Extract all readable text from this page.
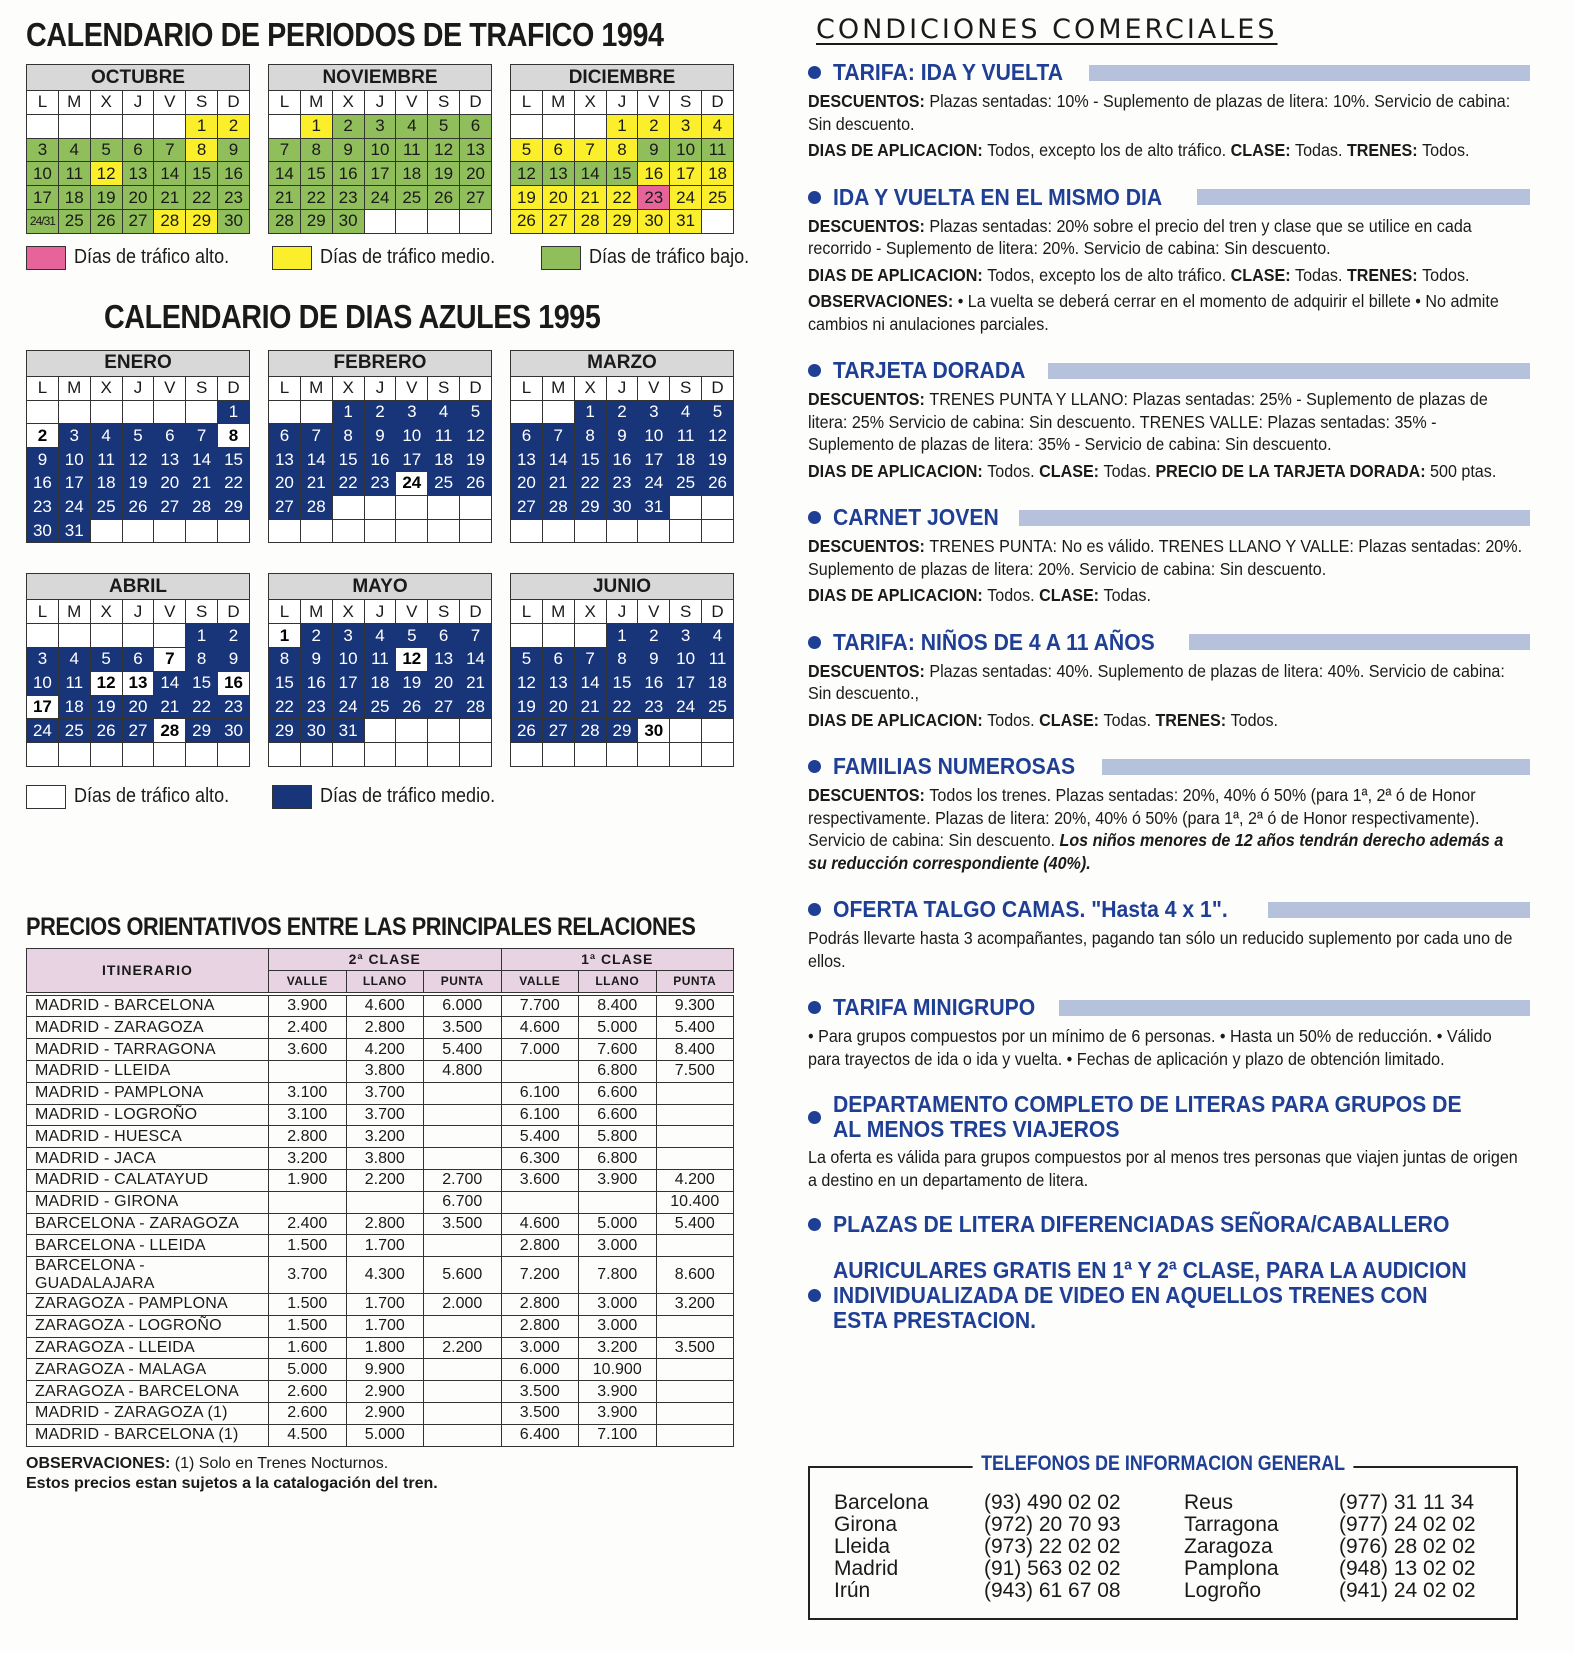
CALENDARIO DE PERIODOS DE TRAFICO 1994
OCTUBRE						
L	M	X	J	V	S	D
					1	2
3	4	5	6	7	8	9
10	11	12	13	14	15	16
17	18	19	20	21	22	23
24/31	25	26	27	28	29	30
NOVIEMBRE						
L	M	X	J	V	S	D
	1	2	3	4	5	6
7	8	9	10	11	12	13
14	15	16	17	18	19	20
21	22	23	24	25	26	27
28	29	30				
DICIEMBRE						
L	M	X	J	V	S	D
			1	2	3	4
5	6	7	8	9	10	11
12	13	14	15	16	17	18
19	20	21	22	23	24	25
26	27	28	29	30	31	
Días de tráfico alto.	Días de tráfico medio.	Días de tráfico bajo.
CALENDARIO DE DIAS AZULES 1995
ENERO						
L	M	X	J	V	S	D
						1
2	3	4	5	6	7	8
9	10	11	12	13	14	15
16	17	18	19	20	21	22
23	24	25	26	27	28	29
30	31					
FEBRERO						
L	M	X	J	V	S	D
		1	2	3	4	5
6	7	8	9	10	11	12
13	14	15	16	17	18	19
20	21	22	23	24	25	26
27	28					

MARZO						
L	M	X	J	V	S	D
		1	2	3	4	5
6	7	8	9	10	11	12
13	14	15	16	17	18	19
20	21	22	23	24	25	26
27	28	29	30	31		

ABRIL						
L	M	X	J	V	S	D
					1	2
3	4	5	6	7	8	9
10	11	12	13	14	15	16
17	18	19	20	21	22	23
24	25	26	27	28	29	30

MAYO						
L	M	X	J	V	S	D
1	2	3	4	5	6	7
8	9	10	11	12	13	14
15	16	17	18	19	20	21
22	23	24	25	26	27	28
29	30	31				

JUNIO						
L	M	X	J	V	S	D
			1	2	3	4
5	6	7	8	9	10	11
12	13	14	15	16	17	18
19	20	21	22	23	24	25
26	27	28	29	30		

Días de tráfico alto.	Días de tráfico medio.
PRECIOS ORIENTATIVOS ENTRE LAS PRINCIPALES RELACIONES
ITINERARIO	2ª CLASE			1ª CLASE		
	VALLE	LLANO	PUNTA	VALLE	LLANO	PUNTA

MADRID - BARCELONA	3.900	4.600	6.000	7.700	8.400	9.300
MADRID - ZARAGOZA	2.400	2.800	3.500	4.600	5.000	5.400
MADRID - TARRAGONA	3.600	4.200	5.400	7.000	7.600	8.400
MADRID - LLEIDA		3.800	4.800		6.800	7.500
MADRID - PAMPLONA	3.100	3.700		6.100	6.600	
MADRID - LOGROÑO	3.100	3.700		6.100	6.600	
MADRID - HUESCA	2.800	3.200		5.400	5.800	
MADRID - JACA	3.200	3.800		6.300	6.800	
MADRID - CALATAYUD	1.900	2.200	2.700	3.600	3.900	4.200
MADRID - GIRONA			6.700			10.400
BARCELONA - ZARAGOZA	2.400	2.800	3.500	4.600	5.000	5.400
BARCELONA - LLEIDA	1.500	1.700		2.800	3.000	
BARCELONA - GUADALAJARA	3.700	4.300	5.600	7.200	7.800	8.600
ZARAGOZA - PAMPLONA	1.500	1.700	2.000	2.800	3.000	3.200
ZARAGOZA - LOGROÑO	1.500	1.700		2.800	3.000	
ZARAGOZA - LLEIDA	1.600	1.800	2.200	3.000	3.200	3.500
ZARAGOZA - MALAGA	5.000	9.900		6.000	10.900	
ZARAGOZA - BARCELONA	2.600	2.900		3.500	3.900	
MADRID - ZARAGOZA (1)	2.600	2.900		3.500	3.900	
MADRID - BARCELONA (1)	4.500	5.000		6.400	7.100	
OBSERVACIONES: (1) Solo en Trenes Nocturnos.
Estos precios estan sujetos a la catalogación del tren.
CONDICIONES COMERCIALES
TARIFA: IDA Y VUELTA
DESCUENTOS: Plazas sentadas: 10% - Suplemento de plazas de litera: 10%. Servicio de cabina: Sin descuento.
DIAS DE APLICACION: Todos, excepto los de alto tráfico. CLASE: Todas. TRENES: Todos.
IDA Y VUELTA EN EL MISMO DIA
DESCUENTOS: Plazas sentadas: 20% sobre el precio del tren y clase que se utilice en cada recorrido - Suplemento de litera: 20%. Servicio de cabina: Sin descuento.
DIAS DE APLICACION: Todos, excepto los de alto tráfico. CLASE: Todas. TRENES: Todos.
OBSERVACIONES: • La vuelta se deberá cerrar en el momento de adquirir el billete • No admite cambios ni anulaciones parciales.
TARJETA DORADA
DESCUENTOS: TRENES PUNTA Y LLANO: Plazas sentadas: 25% - Suplemento de plazas de litera: 25% Servicio de cabina: Sin descuento. TRENES VALLE: Plazas sentadas: 35% - Suplemento de plazas de litera: 35% - Servicio de cabina: Sin descuento.
DIAS DE APLICACION: Todos. CLASE: Todas. PRECIO DE LA TARJETA DORADA: 500 ptas.
CARNET JOVEN
DESCUENTOS: TRENES PUNTA: No es válido. TRENES LLANO Y VALLE: Plazas sentadas: 20%. Suplemento de plazas de litera: 20%. Servicio de cabina: Sin descuento.
DIAS DE APLICACION: Todos. CLASE: Todas.
TARIFA: NIÑOS DE 4 A 11 AÑOS
DESCUENTOS: Plazas sentadas: 40%. Suplemento de plazas de litera: 40%. Servicio de cabina: Sin descuento.,
DIAS DE APLICACION: Todos. CLASE: Todas. TRENES: Todos.
FAMILIAS NUMEROSAS
DESCUENTOS: Todos los trenes. Plazas sentadas: 20%, 40% ó 50% (para 1ª, 2ª ó de Honor respectivamente. Plazas de litera: 20%, 40% ó 50% (para 1ª, 2ª ó de Honor respectivamente). Servicio de cabina: Sin descuento. Los niños menores de 12 años tendrán derecho además a su reducción correspondiente (40%).
OFERTA TALGO CAMAS. "Hasta 4 x 1".
Podrás llevarte hasta 3 acompañantes, pagando tan sólo un reducido suplemento por cada uno de ellos.
TARIFA MINIGRUPO
• Para grupos compuestos por un mínimo de 6 personas. • Hasta un 50% de reducción. • Válido para trayectos de ida o ida y vuelta. • Fechas de aplicación y plazo de obtención limitado.
DEPARTAMENTO COMPLETO DE LITERAS PARA GRUPOS DE AL MENOS TRES VIAJEROS
La oferta es válida para grupos compuestos por al menos tres personas que viajen juntas de origen a destino en un departamento de litera.
PLAZAS DE LITERA DIFERENCIADAS SEÑORA/CABALLERO
AURICULARES GRATIS EN 1ª Y 2ª CLASE, PARA LA AUDICION INDIVIDUALIZADA DE VIDEO EN AQUELLOS TRENES CON ESTA PRESTACION.
TELEFONOS DE INFORMACION GENERAL
Barcelona	(93) 490 02 02	Reus	(977) 31 11 34
Girona	(972) 20 70 93	Tarragona	(977) 24 02 02
Lleida	(973) 22 02 02	Zaragoza	(976) 28 02 02
Madrid	(91) 563 02 02	Pamplona	(948) 13 02 02
Irún	(943) 61 67 08	Logroño	(941) 24 02 02
